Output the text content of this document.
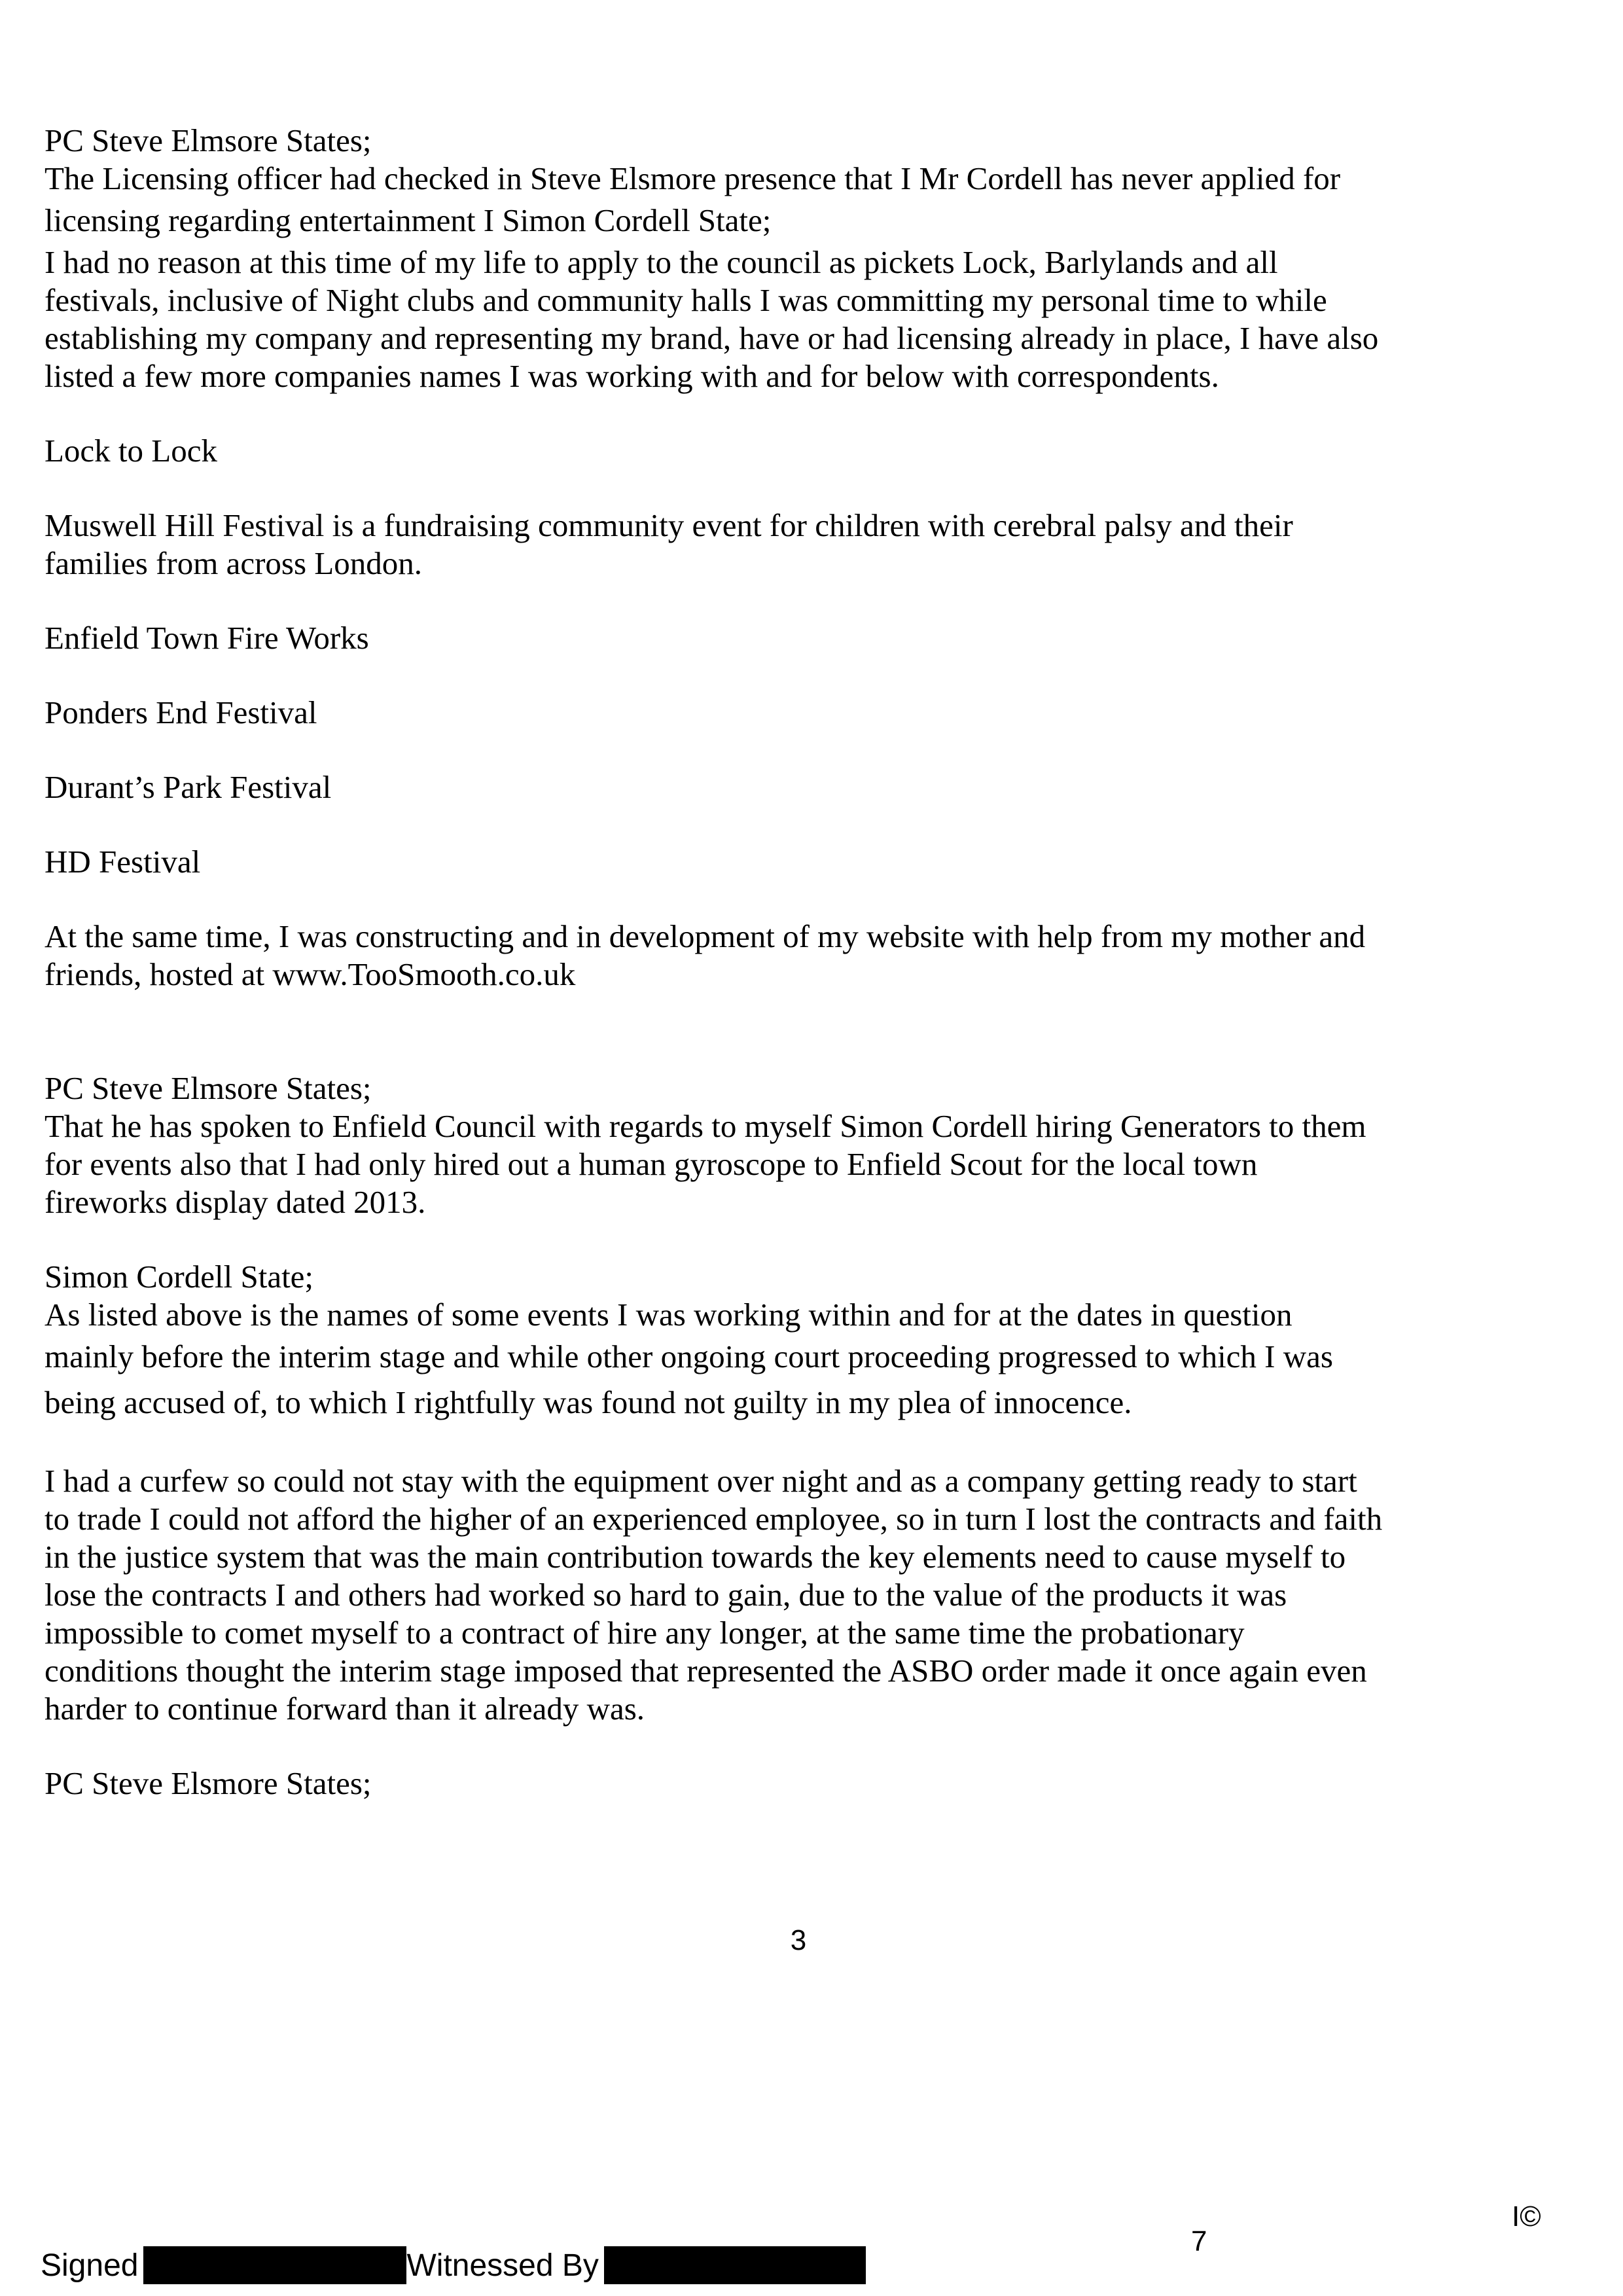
PC Steve Elmsore States;
The Licensing officer had checked in Steve Elsmore presence that I Mr Cordell has never applied for
licensing regarding entertainment I Simon Cordell State;
I had no reason at this time of my life to apply to the council as pickets Lock, Barlylands and all
festivals, inclusive of Night clubs and community halls I was committing my personal time to while
establishing my company and representing my brand, have or had licensing already in place, I have also
listed a few more companies names I was working with and for below with correspondents.
Lock to Lock
Muswell Hill Festival is a fundraising community event for children with cerebral palsy and their
families from across London.
Enfield Town Fire Works
Ponders End Festival
Durant’s Park Festival
HD Festival
At the same time, I was constructing and in development of my website with help from my mother and
friends, hosted at www.TooSmooth.co.uk
PC Steve Elmsore States;
That he has spoken to Enfield Council with regards to myself Simon Cordell hiring Generators to them
for events also that I had only hired out a human gyroscope to Enfield Scout for the local town
fireworks display dated 2013.
Simon Cordell State;
As listed above is the names of some events I was working within and for at the dates in question
mainly before the interim stage and while other ongoing court proceeding progressed to which I was
being accused of, to which I rightfully was found not guilty in my plea of innocence.
I had a curfew so could not stay with the equipment over night and as a company getting ready to start
to trade I could not afford the higher of an experienced employee, so in turn I lost the contracts and faith
in the justice system that was the main contribution towards the key elements need to cause myself to
lose the contracts I and others had worked so hard to gain, due to the value of the products it was
impossible to comet myself to a contract of hire any longer, at the same time the probationary
conditions thought the interim stage imposed that represented the ASBO order made it once again even
harder to continue forward than it already was.
PC Steve Elsmore States;
3
Signed	Witnessed By
7
I©
